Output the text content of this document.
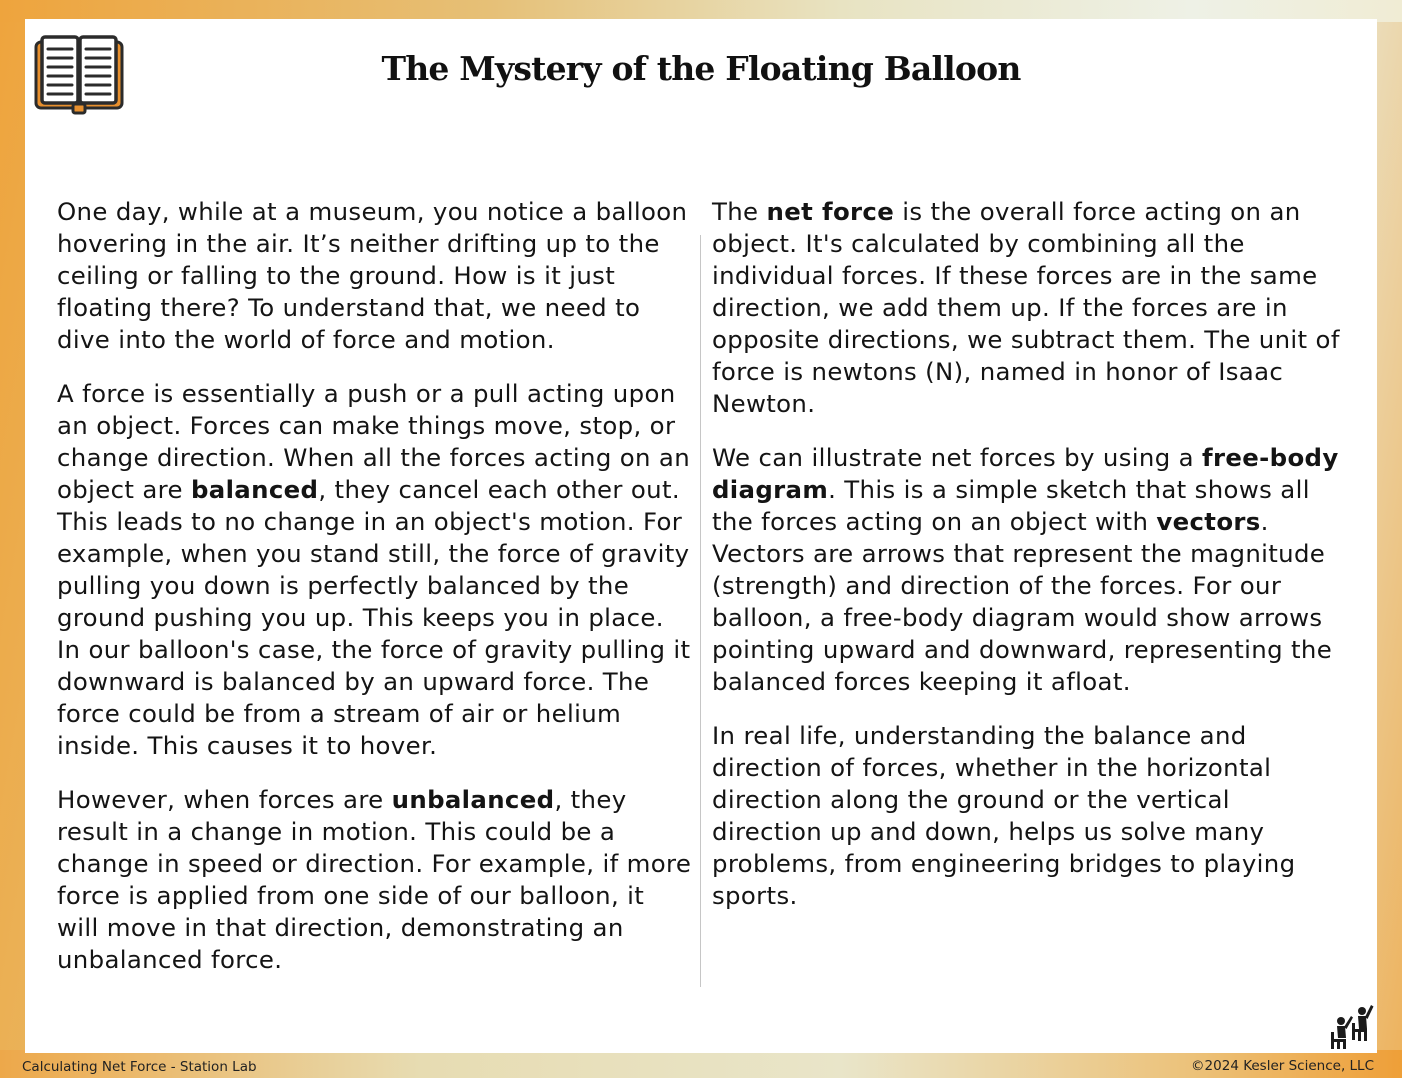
The Mystery of the Floating Balloon

One day, while at a museum, you notice a balloon hovering in the air. It’s neither drifting up to the ceiling or falling to the ground. How is it just floating there? To understand that, we need to dive into the world of force and motion.

A force is essentially a push or a pull acting upon an object. Forces can make things move, stop, or change direction. When all the forces acting on an object are balanced, they cancel each other out. This leads to no change in an object's motion. For example, when you stand still, the force of gravity pulling you down is perfectly balanced by the ground pushing you up. This keeps you in place. In our balloon's case, the force of gravity pulling it downward is balanced by an upward force. The force could be from a stream of air or helium inside. This causes it to hover.

However, when forces are unbalanced, they result in a change in motion. This could be a change in speed or direction. For example, if more force is applied from one side of our balloon, it will move in that direction, demonstrating an unbalanced force.

The net force is the overall force acting on an object. It's calculated by combining all the individual forces. If these forces are in the same direction, we add them up. If the forces are in opposite directions, we subtract them. The unit of force is newtons (N), named in honor of Isaac Newton.

We can illustrate net forces by using a free-body diagram. This is a simple sketch that shows all the forces acting on an object with vectors. Vectors are arrows that represent the magnitude (strength) and direction of the forces. For our balloon, a free-body diagram would show arrows pointing upward and downward, representing the balanced forces keeping it afloat.

In real life, understanding the balance and direction of forces, whether in the horizontal direction along the ground or the vertical direction up and down, helps us solve many problems, from engineering bridges to playing sports.

Calculating Net Force - Station Lab	©2024 Kesler Science, LLC
